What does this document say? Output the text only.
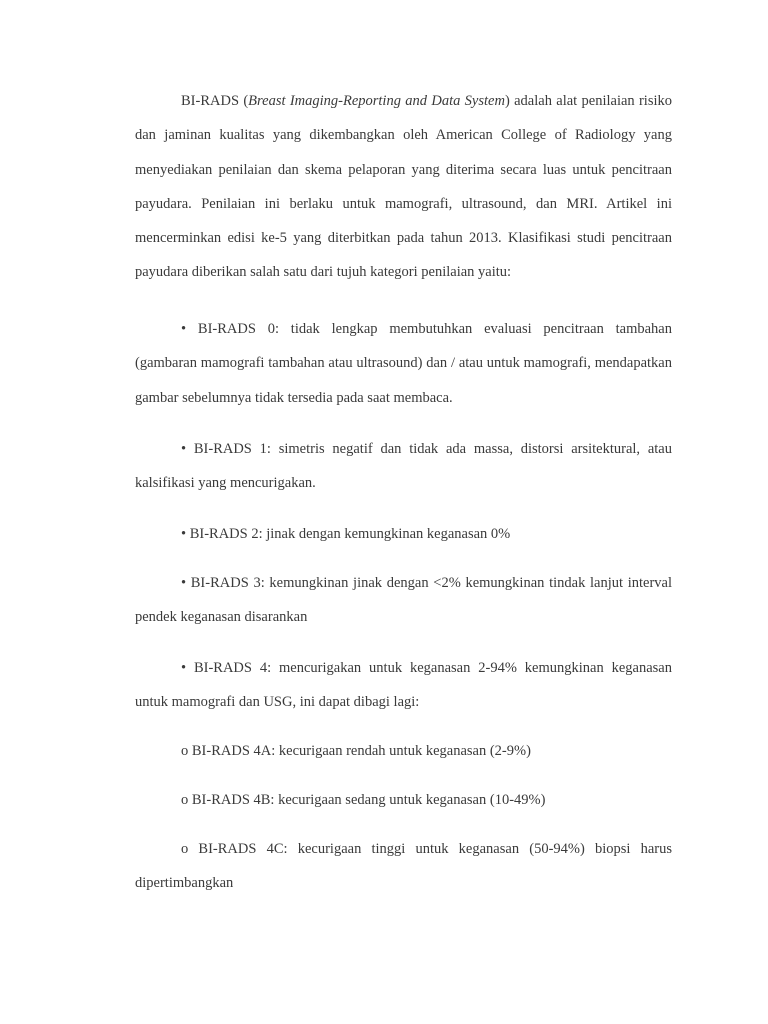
BI-RADS (Breast Imaging-Reporting and Data System) adalah alat penilaian risiko dan jaminan kualitas yang dikembangkan oleh American College of Radiology yang menyediakan penilaian dan skema pelaporan yang diterima secara luas untuk pencitraan payudara. Penilaian ini berlaku untuk mamografi, ultrasound, dan MRI. Artikel ini mencerminkan edisi ke-5 yang diterbitkan pada tahun 2013. Klasifikasi studi pencitraan payudara diberikan salah satu dari tujuh kategori penilaian yaitu:

• BI-RADS 0: tidak lengkap membutuhkan evaluasi pencitraan tambahan (gambaran mamografi tambahan atau ultrasound) dan / atau untuk mamografi, mendapatkan gambar sebelumnya tidak tersedia pada saat membaca.

• BI-RADS 1: simetris negatif dan tidak ada massa, distorsi arsitektural, atau kalsifikasi yang mencurigakan.

• BI-RADS 2: jinak dengan kemungkinan keganasan 0%

• BI-RADS 3: kemungkinan jinak dengan <2% kemungkinan tindak lanjut interval pendek keganasan disarankan

• BI-RADS 4: mencurigakan untuk keganasan 2-94% kemungkinan keganasan untuk mamografi dan USG, ini dapat dibagi lagi:

o BI-RADS 4A: kecurigaan rendah untuk keganasan (2-9%)

o BI-RADS 4B: kecurigaan sedang untuk keganasan (10-49%)

o BI-RADS 4C: kecurigaan tinggi untuk keganasan (50-94%) biopsi harus dipertimbangkan
